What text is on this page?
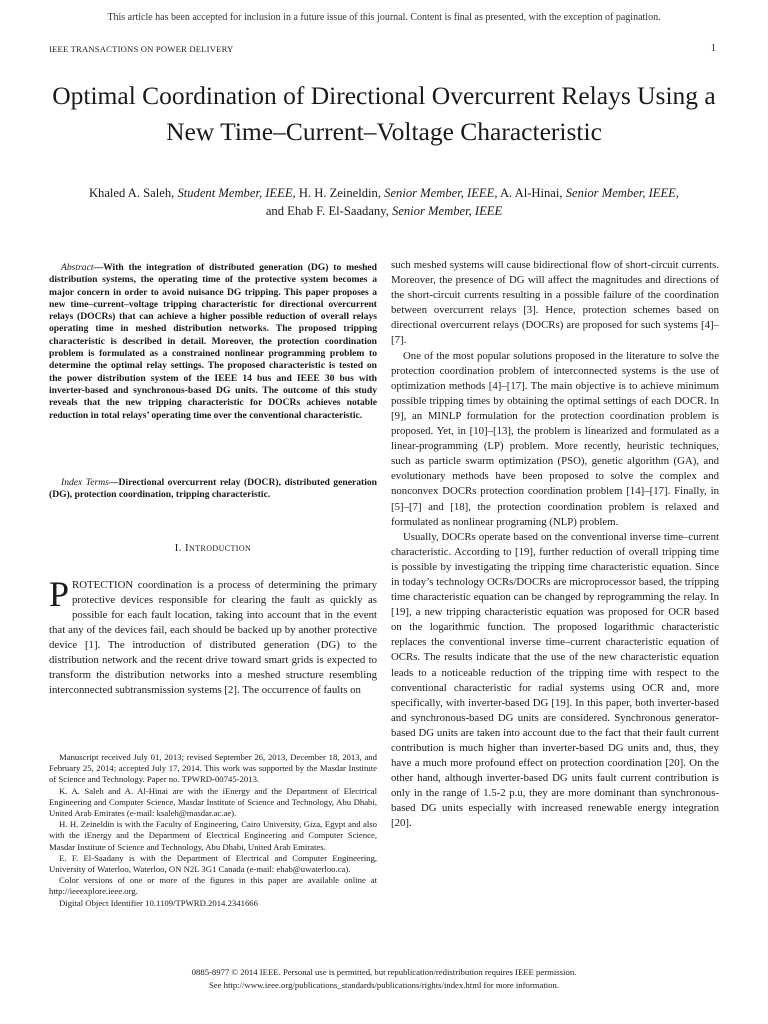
This article has been accepted for inclusion in a future issue of this journal. Content is final as presented, with the exception of pagination.
IEEE TRANSACTIONS ON POWER DELIVERY	1
Optimal Coordination of Directional Overcurrent Relays Using a New Time–Current–Voltage Characteristic
Khaled A. Saleh, Student Member, IEEE, H. H. Zeineldin, Senior Member, IEEE, A. Al-Hinai, Senior Member, IEEE,
and Ehab F. El-Saadany, Senior Member, IEEE

Abstract—With the integration of distributed generation (DG) to meshed distribution systems, the operating time of the protective system becomes a major concern in order to avoid nuisance DG tripping. This paper proposes a new time–current–voltage tripping characteristic for directional overcurrent relays (DOCRs) that can achieve a higher possible reduction of overall relays operating time in meshed distribution networks. The proposed tripping characteristic is described in detail. Moreover, the protection coordination problem is formulated as a constrained nonlinear programming problem to determine the optimal relay settings. The proposed characteristic is tested on the power distribution system of the IEEE 14 bus and IEEE 30 bus with inverter-based and synchronous-based DG units. The outcome of this study reveals that the new tripping characteristic for DOCRs achieves notable reduction in total relays’ operating time over the conventional characteristic.

Index Terms—Directional overcurrent relay (DOCR), distributed generation (DG), protection coordination, tripping characteristic.

I. Introduction

PROTECTION coordination is a process of determining the primary protective devices responsible for clearing the fault as quickly as possible for each fault location, taking into account that in the event that any of the devices fail, each should be backed up by another protective device [1]. The introduction of distributed generation (DG) to the distribution network and the recent drive toward smart grids is expected to transform the distribution networks into a meshed structure resembling interconnected subtransmission systems [2]. The occurrence of faults on

Manuscript received July 01, 2013; revised September 26, 2013, December 18, 2013, and February 25, 2014; accepted July 17, 2014. This work was supported by the Masdar Institute of Science and Technology. Paper no. TPWRD-00745-2013.

K. A. Saleh and A. Al-Hinai are with the iEnergy and the Department of Electrical Engineering and Computer Science, Masdar Institute of Science and Technology, Abu Dhabi, United Arab Emirates (e-mail: ksaleh@masdar.ac.ae).

H. H. Zeineldin is with the Faculty of Engineering, Cairo University, Giza, Egypt and also with the iEnergy and the Department of Electrical Engineering and Computer Science, Masdar Institute of Science and Technology, Abu Dhabi, United Arab Emirates.

E. F. El-Saadany is with the Department of Electrical and Computer Engineering, University of Waterloo, Waterloo, ON N2L 3G1 Canada (e-mail: ehab@uwaterloo.ca).

Color versions of one or more of the figures in this paper are available online at http://ieeexplore.ieee.org.

Digital Object Identifier 10.1109/TPWRD.2014.2341666

such meshed systems will cause bidirectional flow of short-circuit currents. Moreover, the presence of DG will affect the magnitudes and directions of the short-circuit currents resulting in a possible failure of the coordination between overcurrent relays [3]. Hence, protection schemes based on directional overcurrent relays (DOCRs) are proposed for such systems [4]–[7].

One of the most popular solutions proposed in the literature to solve the protection coordination problem of interconnected systems is the use of optimization methods [4]–[17]. The main objective is to achieve minimum possible tripping times by obtaining the optimal settings of each DOCR. In [9], an MINLP formulation for the protection coordination problem is proposed. Yet, in [10]–[13], the problem is linearized and formulated as a linear-programming (LP) problem. More recently, heuristic techniques, such as particle swarm optimization (PSO), genetic algorithm (GA), and evolutionary methods have been proposed to solve the complex and nonconvex DOCRs protection coordination problem [14]–[17]. Finally, in [5]–[7] and [18], the protection coordination problem is relaxed and formulated as nonlinear programing (NLP) problem.

Usually, DOCRs operate based on the conventional inverse time–current characteristic. According to [19], further reduction of overall tripping time is possible by investigating the tripping time characteristic equation. Since in today’s technology OCRs/DOCRs are microprocessor based, the tripping time characteristic equation can be changed by reprogramming the relay. In [19], a new tripping characteristic equation was proposed for OCR based on the logarithmic function. The proposed logarithmic characteristic replaces the conventional inverse time–current characteristic equation of OCRs. The results indicate that the use of the new characteristic equation leads to a noticeable reduction of the tripping time with respect to the conventional characteristic for radial systems using OCR and, more specifically, with inverter-based DG [19]. In this paper, both inverter-based and synchronous-based DG units are considered. Synchronous generator-based DG units are taken into account due to the fact that their fault current contribution is much higher than inverter-based DG units and, thus, they have a much more profound effect on protection coordination [20]. On the other hand, although inverter-based DG units fault current contribution is only in the range of 1.5-2 p.u, they are more dominant than synchronous-based DG units especially with increased renewable energy integration [20].

0885-8977 © 2014 IEEE. Personal use is permitted, but republication/redistribution requires IEEE permission.
See http://www.ieee.org/publications_standards/publications/rights/index.html for more information.
